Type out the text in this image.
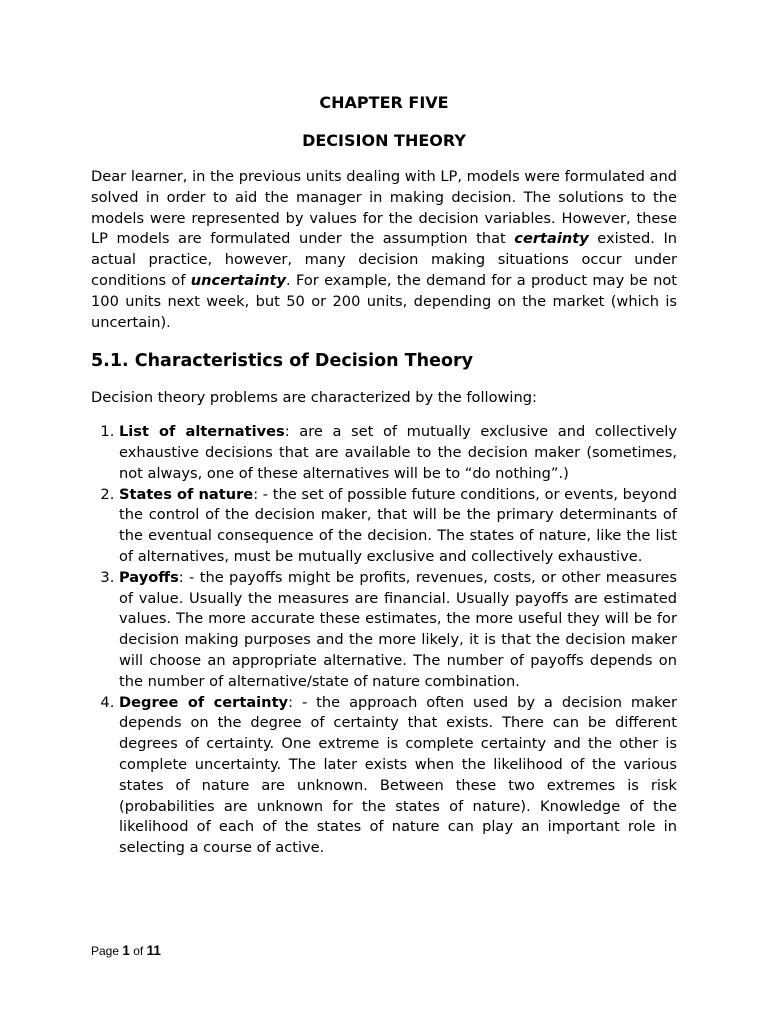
CHAPTER FIVE
DECISION THEORY

Dear learner, in the previous units dealing with LP, models were formulated and solved in order to aid the manager in making decision. The solutions to the models were represented by values for the decision variables. However, these LP models are formulated under the assumption that certainty existed. In actual practice, however, many decision making situations occur under conditions of uncertainty. For example, the demand for a product may be not 100 units next week, but 50 or 200 units, depending on the market (which is uncertain).

5.1. Characteristics of Decision Theory

Decision theory problems are characterized by the following:

1. List of alternatives: are a set of mutually exclusive and collectively exhaustive decisions that are available to the decision maker (sometimes, not always, one of these alternatives will be to “do nothing”.)
2. States of nature: - the set of possible future conditions, or events, beyond the control of the decision maker, that will be the primary determinants of the eventual consequence of the decision. The states of nature, like the list of alternatives, must be mutually exclusive and collectively exhaustive.
3. Payoffs: - the payoffs might be profits, revenues, costs, or other measures of value. Usually the measures are financial. Usually payoffs are estimated values. The more accurate these estimates, the more useful they will be for decision making purposes and the more likely, it is that the decision maker will choose an appropriate alternative. The number of payoffs depends on the number of alternative/state of nature combination.
4. Degree of certainty: - the approach often used by a decision maker depends on the degree of certainty that exists. There can be different degrees of certainty. One extreme is complete certainty and the other is complete uncertainty. The later exists when the likelihood of the various states of nature are unknown. Between these two extremes is risk (probabilities are unknown for the states of nature). Knowledge of the likelihood of each of the states of nature can play an important role in selecting a course of active.
Page 1 of 11
